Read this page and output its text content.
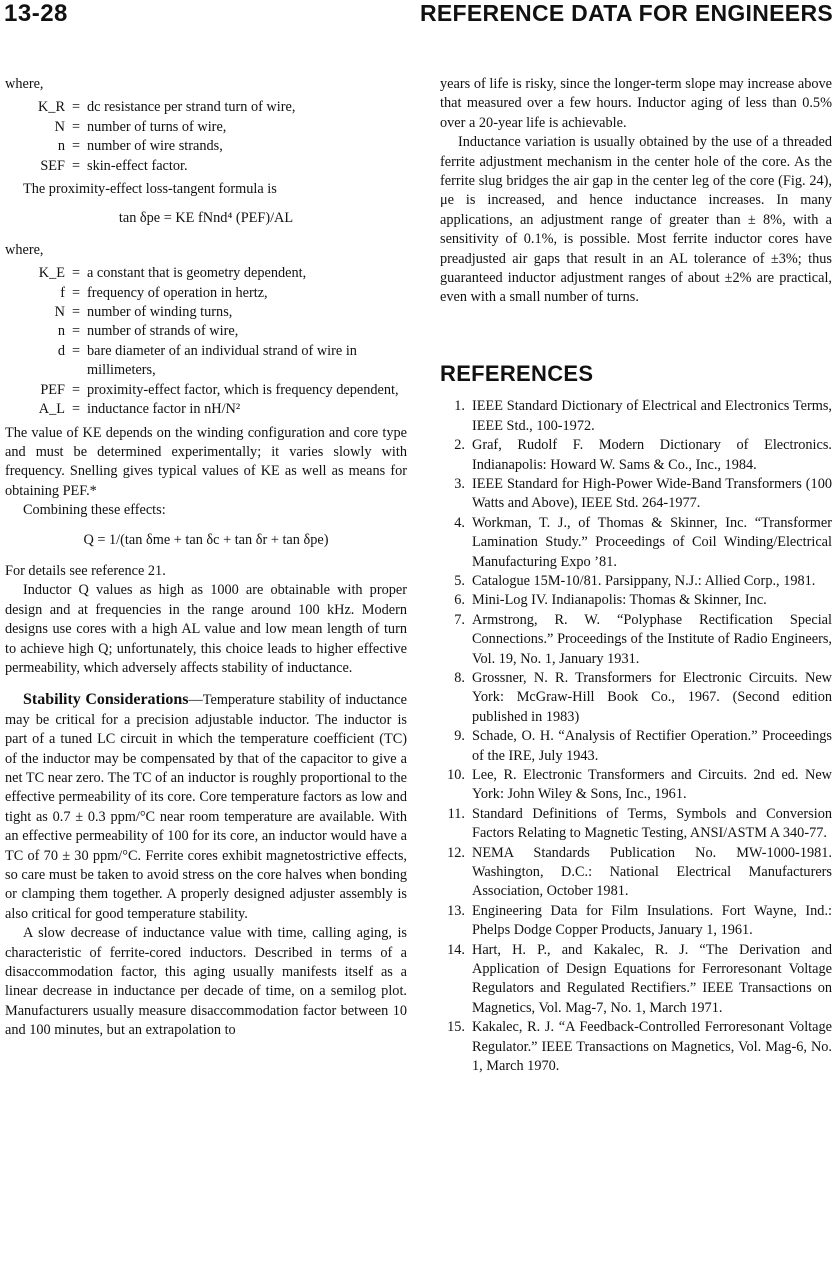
13-28	REFERENCE DATA FOR ENGINEERS

where,

K_R = dc resistance per strand turn of wire,
N = number of turns of wire,
n = number of wire strands,
SEF = skin-effect factor.

The proximity-effect loss-tangent formula is

tan δpe = KE fNnd⁴ (PEF)/AL

where,

K_E = a constant that is geometry dependent,
f = frequency of operation in hertz,
N = number of winding turns,
n = number of strands of wire,
d = bare diameter of an individual strand of wire in millimeters,
PEF = proximity-effect factor, which is frequency dependent,
A_L = inductance factor in nH/N²

The value of KE depends on the winding configuration and core type and must be determined experimentally; it varies slowly with frequency. Snelling gives typical values of KE as well as means for obtaining PEF.*

Combining these effects:

Q = 1/(tan δme + tan δc + tan δr + tan δpe)

For details see reference 21.

Inductor Q values as high as 1000 are obtainable with proper design and at frequencies in the range around 100 kHz. Modern designs use cores with a high AL value and low mean length of turn to achieve high Q; unfortunately, this choice leads to higher effective permeability, which adversely affects stability of inductance.

Stability Considerations—Temperature stability of inductance may be critical for a precision adjustable inductor. The inductor is part of a tuned LC circuit in which the temperature coefficient (TC) of the inductor may be compensated by that of the capacitor to give a net TC near zero. The TC of an inductor is roughly proportional to the effective permeability of its core. Core temperature factors as low and tight as 0.7 ± 0.3 ppm/°C near room temperature are available. With an effective permeability of 100 for its core, an inductor would have a TC of 70 ± 30 ppm/°C. Ferrite cores exhibit magnetostrictive effects, so care must be taken to avoid stress on the core halves when bonding or clamping them together. A properly designed adjuster assembly is also critical for good temperature stability.

A slow decrease of inductance value with time, calling aging, is characteristic of ferrite-cored inductors. Described in terms of a disaccommodation factor, this aging usually manifests itself as a linear decrease in inductance per decade of time, on a semilog plot. Manufacturers usually measure disaccommodation factor between 10 and 100 minutes, but an extrapolation to

years of life is risky, since the longer-term slope may increase above that measured over a few hours. Inductor aging of less than 0.5% over a 20-year life is achievable.

Inductance variation is usually obtained by the use of a threaded ferrite adjustment mechanism in the center hole of the core. As the ferrite slug bridges the air gap in the center leg of the core (Fig. 24), μe is increased, and hence inductance increases. In many applications, an adjustment range of greater than ± 8%, with a sensitivity of 0.1%, is possible. Most ferrite inductor cores have preadjusted air gaps that result in an AL tolerance of ±3%; thus guaranteed inductor adjustment ranges of about ±2% are practical, even with a small number of turns.

REFERENCES
1. IEEE Standard Dictionary of Electrical and Electronics Terms, IEEE Std., 100-1972.
2. Graf, Rudolf F. Modern Dictionary of Electronics. Indianapolis: Howard W. Sams & Co., Inc., 1984.
3. IEEE Standard for High-Power Wide-Band Transformers (100 Watts and Above), IEEE Std. 264-1977.
4. Workman, T. J., of Thomas & Skinner, Inc. “Transformer Lamination Study.” Proceedings of Coil Winding/Electrical Manufacturing Expo ’81.
5. Catalogue 15M-10/81. Parsippany, N.J.: Allied Corp., 1981.
6. Mini-Log IV. Indianapolis: Thomas & Skinner, Inc.
7. Armstrong, R. W. “Polyphase Rectification Special Connections.” Proceedings of the Institute of Radio Engineers, Vol. 19, No. 1, January 1931.
8. Grossner, N. R. Transformers for Electronic Circuits. New York: McGraw-Hill Book Co., 1967. (Second edition published in 1983)
9. Schade, O. H. “Analysis of Rectifier Operation.” Proceedings of the IRE, July 1943.
10. Lee, R. Electronic Transformers and Circuits. 2nd ed. New York: John Wiley & Sons, Inc., 1961.
11. Standard Definitions of Terms, Symbols and Conversion Factors Relating to Magnetic Testing, ANSI/ASTM A 340-77.
12. NEMA Standards Publication No. MW-1000-1981. Washington, D.C.: National Electrical Manufacturers Association, October 1981.
13. Engineering Data for Film Insulations. Fort Wayne, Ind.: Phelps Dodge Copper Products, January 1, 1961.
14. Hart, H. P., and Kakalec, R. J. “The Derivation and Application of Design Equations for Ferroresonant Voltage Regulators and Regulated Rectifiers.” IEEE Transactions on Magnetics, Vol. Mag-7, No. 1, March 1971.
15. Kakalec, R. J. “A Feedback-Controlled Ferroresonant Voltage Regulator.” IEEE Transactions on Magnetics, Vol. Mag-6, No. 1, March 1970.
